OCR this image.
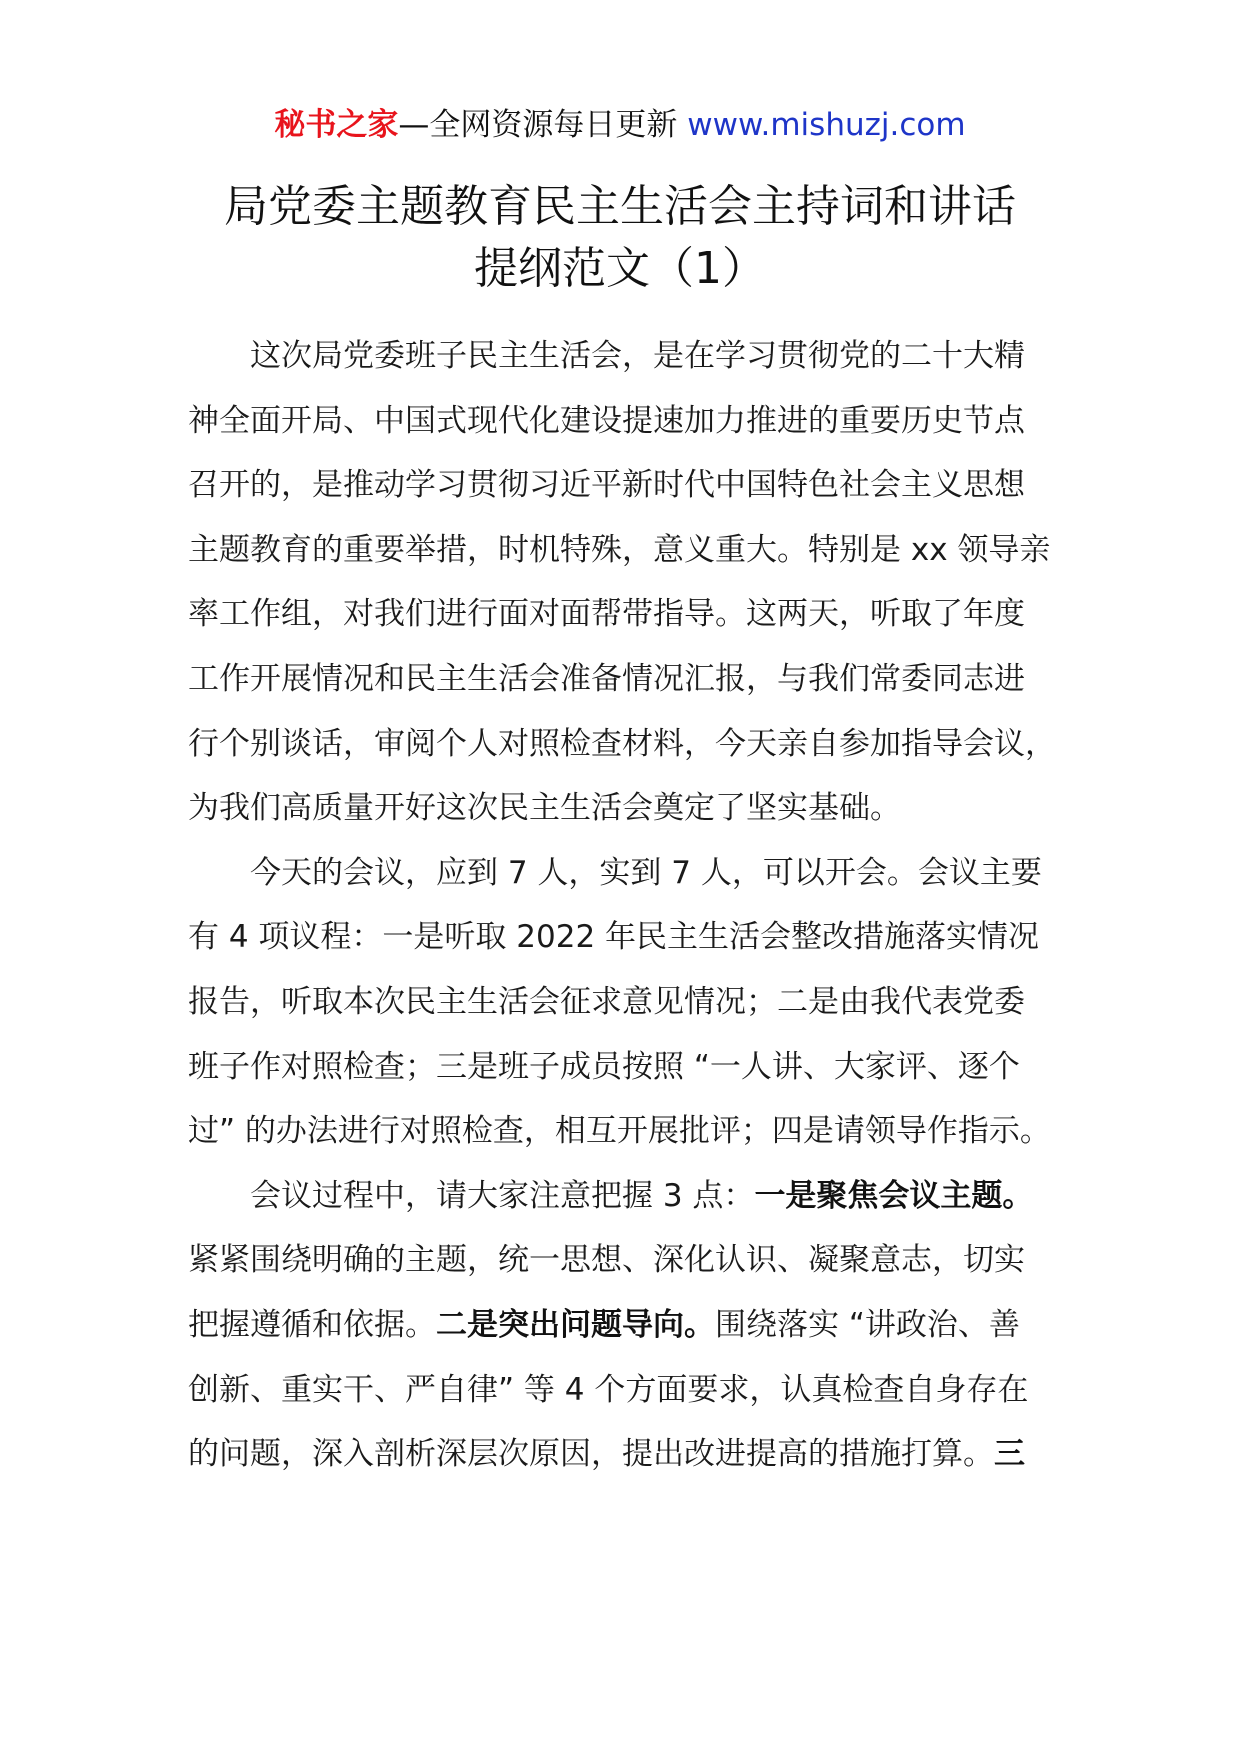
秘书之家—全网资源每日更新 www.mishuzj.com
局党委主题教育民主生活会主持词和讲话
提纲范文（1）
这次局党委班子民主生活会，是在学习贯彻党的二十大精
神全面开局、中国式现代化建设提速加力推进的重要历史节点
召开的，是推动学习贯彻习近平新时代中国特色社会主义思想
主题教育的重要举措，时机特殊，意义重大。特别是 xx 领导亲
率工作组，对我们进行面对面帮带指导。这两天，听取了年度
工作开展情况和民主生活会准备情况汇报，与我们常委同志进
行个别谈话，审阅个人对照检查材料，今天亲自参加指导会议，
为我们高质量开好这次民主生活会奠定了坚实基础。
今天的会议，应到 7 人，实到 7 人，可以开会。会议主要
有 4 项议程：一是听取 2022 年民主生活会整改措施落实情况
报告，听取本次民主生活会征求意见情况；二是由我代表党委
班子作对照检查；三是班子成员按照 “一人讲、大家评、逐个
过” 的办法进行对照检查，相互开展批评；四是请领导作指示。
会议过程中，请大家注意把握 3 点：一是聚焦会议主题。
紧紧围绕明确的主题，统一思想、深化认识、凝聚意志，切实
把握遵循和依据。二是突出问题导向。围绕落实 “讲政治、善
创新、重实干、严自律” 等 4 个方面要求，认真检查自身存在
的问题，深入剖析深层次原因，提出改进提高的措施打算。三
